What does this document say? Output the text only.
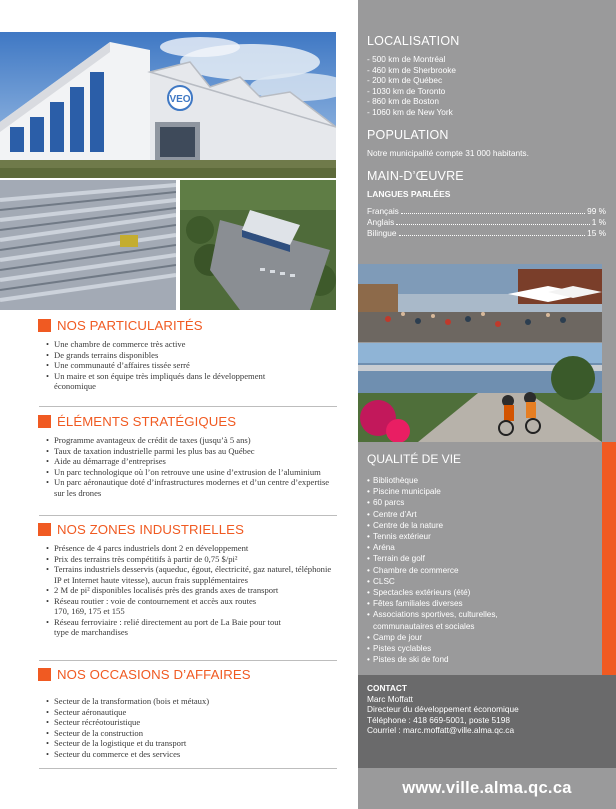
VEO
NOS PARTICULARITÉS
• Une chambre de commerce très active
• De grands terrains disponibles
• Une communauté d’affaires tissée serré
• Un maire et son équipe très impliqués dans le développement économique
ÉLÉMENTS STRATÉGIQUES
• Programme avantageux de crédit de taxes (jusqu’à 5 ans)
• Taux de taxation industrielle parmi les plus bas au Québec
• Aide au démarrage d’entreprises
• Un parc technologique où l’on retrouve une usine d’extrusion de l’aluminium
• Un parc aéronautique doté d’infrastructures modernes et d’un centre d’expertise sur les drones
NOS ZONES INDUSTRIELLES
• Présence de 4 parcs industriels dont 2 en développement
• Prix des terrains très compétitifs à partir de 0,75 $/pi²
• Terrains industriels desservis (aqueduc, égout, électricité, gaz naturel, téléphonie IP et Internet haute vitesse), aucun frais supplémentaires
• 2 M de pi² disponibles localisés près des grands axes de transport
• Réseau routier : voie de contournement et accès aux routes 170, 169, 175 et 155
• Réseau ferroviaire : relié directement au port de La Baie pour tout type de marchandises
NOS OCCASIONS D’AFFAIRES
• Secteur de la transformation (bois et métaux)
• Secteur aéronautique
• Secteur récréotouristique
• Secteur de la construction
• Secteur de la logistique et du transport
• Secteur du commerce et des services
LOCALISATION
- 500 km de Montréal
- 460 km de Sherbrooke
- 200 km de Québec
- 1030 km de Toronto
- 860 km de Boston
- 1060 km de New York
POPULATION
Notre municipalité compte 31 000 habitants.
MAIN-D’ŒUVRE
LANGUES PARLÉES
Français	99 %
Anglais	1 %
Bilingue	15 %
QUALITÉ DE VIE
• Bibliothèque
• Piscine municipale
• 60 parcs
• Centre d’Art
• Centre de la nature
• Tennis extérieur
• Aréna
• Terrain de golf
• Chambre de commerce
• CLSC
• Spectacles extérieurs (été)
• Fêtes familiales diverses
• Associations sportives, culturelles, communautaires et sociales
• Camp de jour
• Pistes cyclables
• Pistes de ski de fond
CONTACT
Marc Moffatt
Directeur du développement économique
Téléphone : 418 669-5001, poste 5198
Courriel : marc.moffatt@ville.alma.qc.ca
www.ville.alma.qc.ca
